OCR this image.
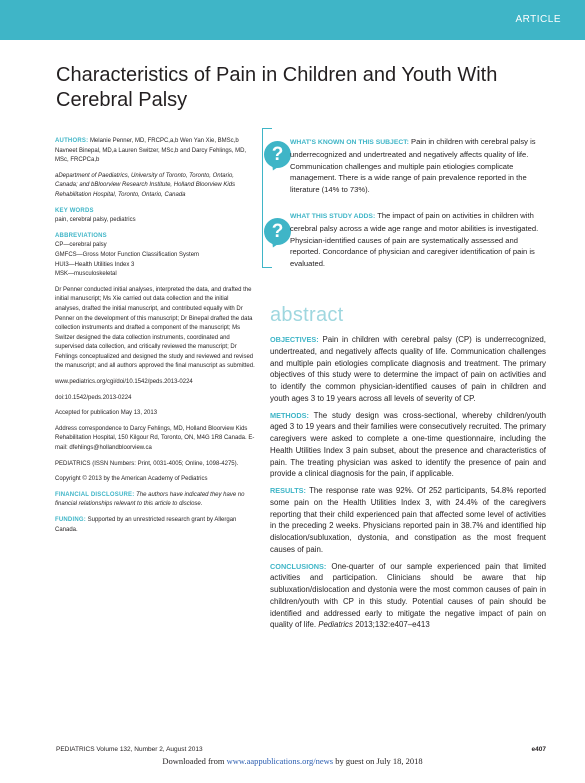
ARTICLE
Characteristics of Pain in Children and Youth With Cerebral Palsy
AUTHORS: Melanie Penner, MD, FRCPC,a,b Wen Yan Xie, BMSc,b Navneet Binepal, MD,a Lauren Switzer, MSc,b and Darcy Fehlings, MD, MSc, FRCPCa,b
aDepartment of Paediatrics, University of Toronto, Toronto, Ontario, Canada; and bBloorview Research Institute, Holland Bloorview Kids Rehabilitation Hospital, Toronto, Ontario, Canada
KEY WORDS
pain, cerebral palsy, pediatrics
ABBREVIATIONS
CP—cerebral palsy
GMFCS—Gross Motor Function Classification System
HUI3—Health Utilities Index 3
MSK—musculoskeletal
Dr Penner conducted initial analyses, interpreted the data, and drafted the initial manuscript; Ms Xie carried out data collection and the initial analyses, drafted the initial manuscript, and contributed equally with Dr Penner on the development of this manuscript; Dr Binepal drafted the data collection instruments and drafted a component of the manuscript; Ms Switzer designed the data collection instruments, coordinated and supervised data collection, and critically reviewed the manuscript; Dr Fehlings conceptualized and designed the study and reviewed and revised the manuscript; and all authors approved the final manuscript as submitted.
www.pediatrics.org/cgi/doi/10.1542/peds.2013-0224
doi:10.1542/peds.2013-0224
Accepted for publication May 13, 2013
Address correspondence to Darcy Fehlings, MD, Holland Bloorview Kids Rehabilitation Hospital, 150 Kilgour Rd, Toronto, ON, M4G 1R8 Canada. E-mail: dfehlings@hollandbloorview.ca
PEDIATRICS (ISSN Numbers: Print, 0031-4005; Online, 1098-4275).
Copyright © 2013 by the American Academy of Pediatrics
FINANCIAL DISCLOSURE: The authors have indicated they have no financial relationships relevant to this article to disclose.
FUNDING: Supported by an unrestricted research grant by Allergan Canada.
?
WHAT'S KNOWN ON THIS SUBJECT: Pain in children with cerebral palsy is underrecognized and undertreated and negatively affects quality of life. Communication challenges and multiple pain etiologies complicate management. There is a wide range of pain prevalence reported in the literature (14% to 73%).
?
WHAT THIS STUDY ADDS: The impact of pain on activities in children with cerebral palsy across a wide age range and motor abilities is investigated. Physician-identified causes of pain are systematically assessed and reported. Concordance of physician and caregiver identification of pain is evaluated.
abstract

OBJECTIVES: Pain in children with cerebral palsy (CP) is underrecognized, undertreated, and negatively affects quality of life. Communication challenges and multiple pain etiologies complicate diagnosis and treatment. The primary objectives of this study were to determine the impact of pain on activities and to identify the common physician-identified causes of pain in children and youth ages 3 to 19 years across all levels of severity of CP.

METHODS: The study design was cross-sectional, whereby children/youth aged 3 to 19 years and their families were consecutively recruited. The primary caregivers were asked to complete a one-time questionnaire, including the Health Utilities Index 3 pain subset, about the presence and characteristics of pain. The treating physician was asked to identify the presence of pain and provide a clinical diagnosis for the pain, if applicable.

RESULTS: The response rate was 92%. Of 252 participants, 54.8% reported some pain on the Health Utilities Index 3, with 24.4% of the caregivers reporting that their child experienced pain that affected some level of activities in the preceding 2 weeks. Physicians reported pain in 38.7% and identified hip dislocation/subluxation, dystonia, and constipation as the most frequent causes of pain.

CONCLUSIONS: One-quarter of our sample experienced pain that limited activities and participation. Clinicians should be aware that hip subluxation/dislocation and dystonia were the most common causes of pain in children/youth with CP in this study. Potential causes of pain should be identified and addressed early to mitigate the negative impact of pain on quality of life. Pediatrics 2013;132:e407–e413

PEDIATRICS Volume 132, Number 2, August 2013	e407
Downloaded from www.aappublications.org/news by guest on July 18, 2018
